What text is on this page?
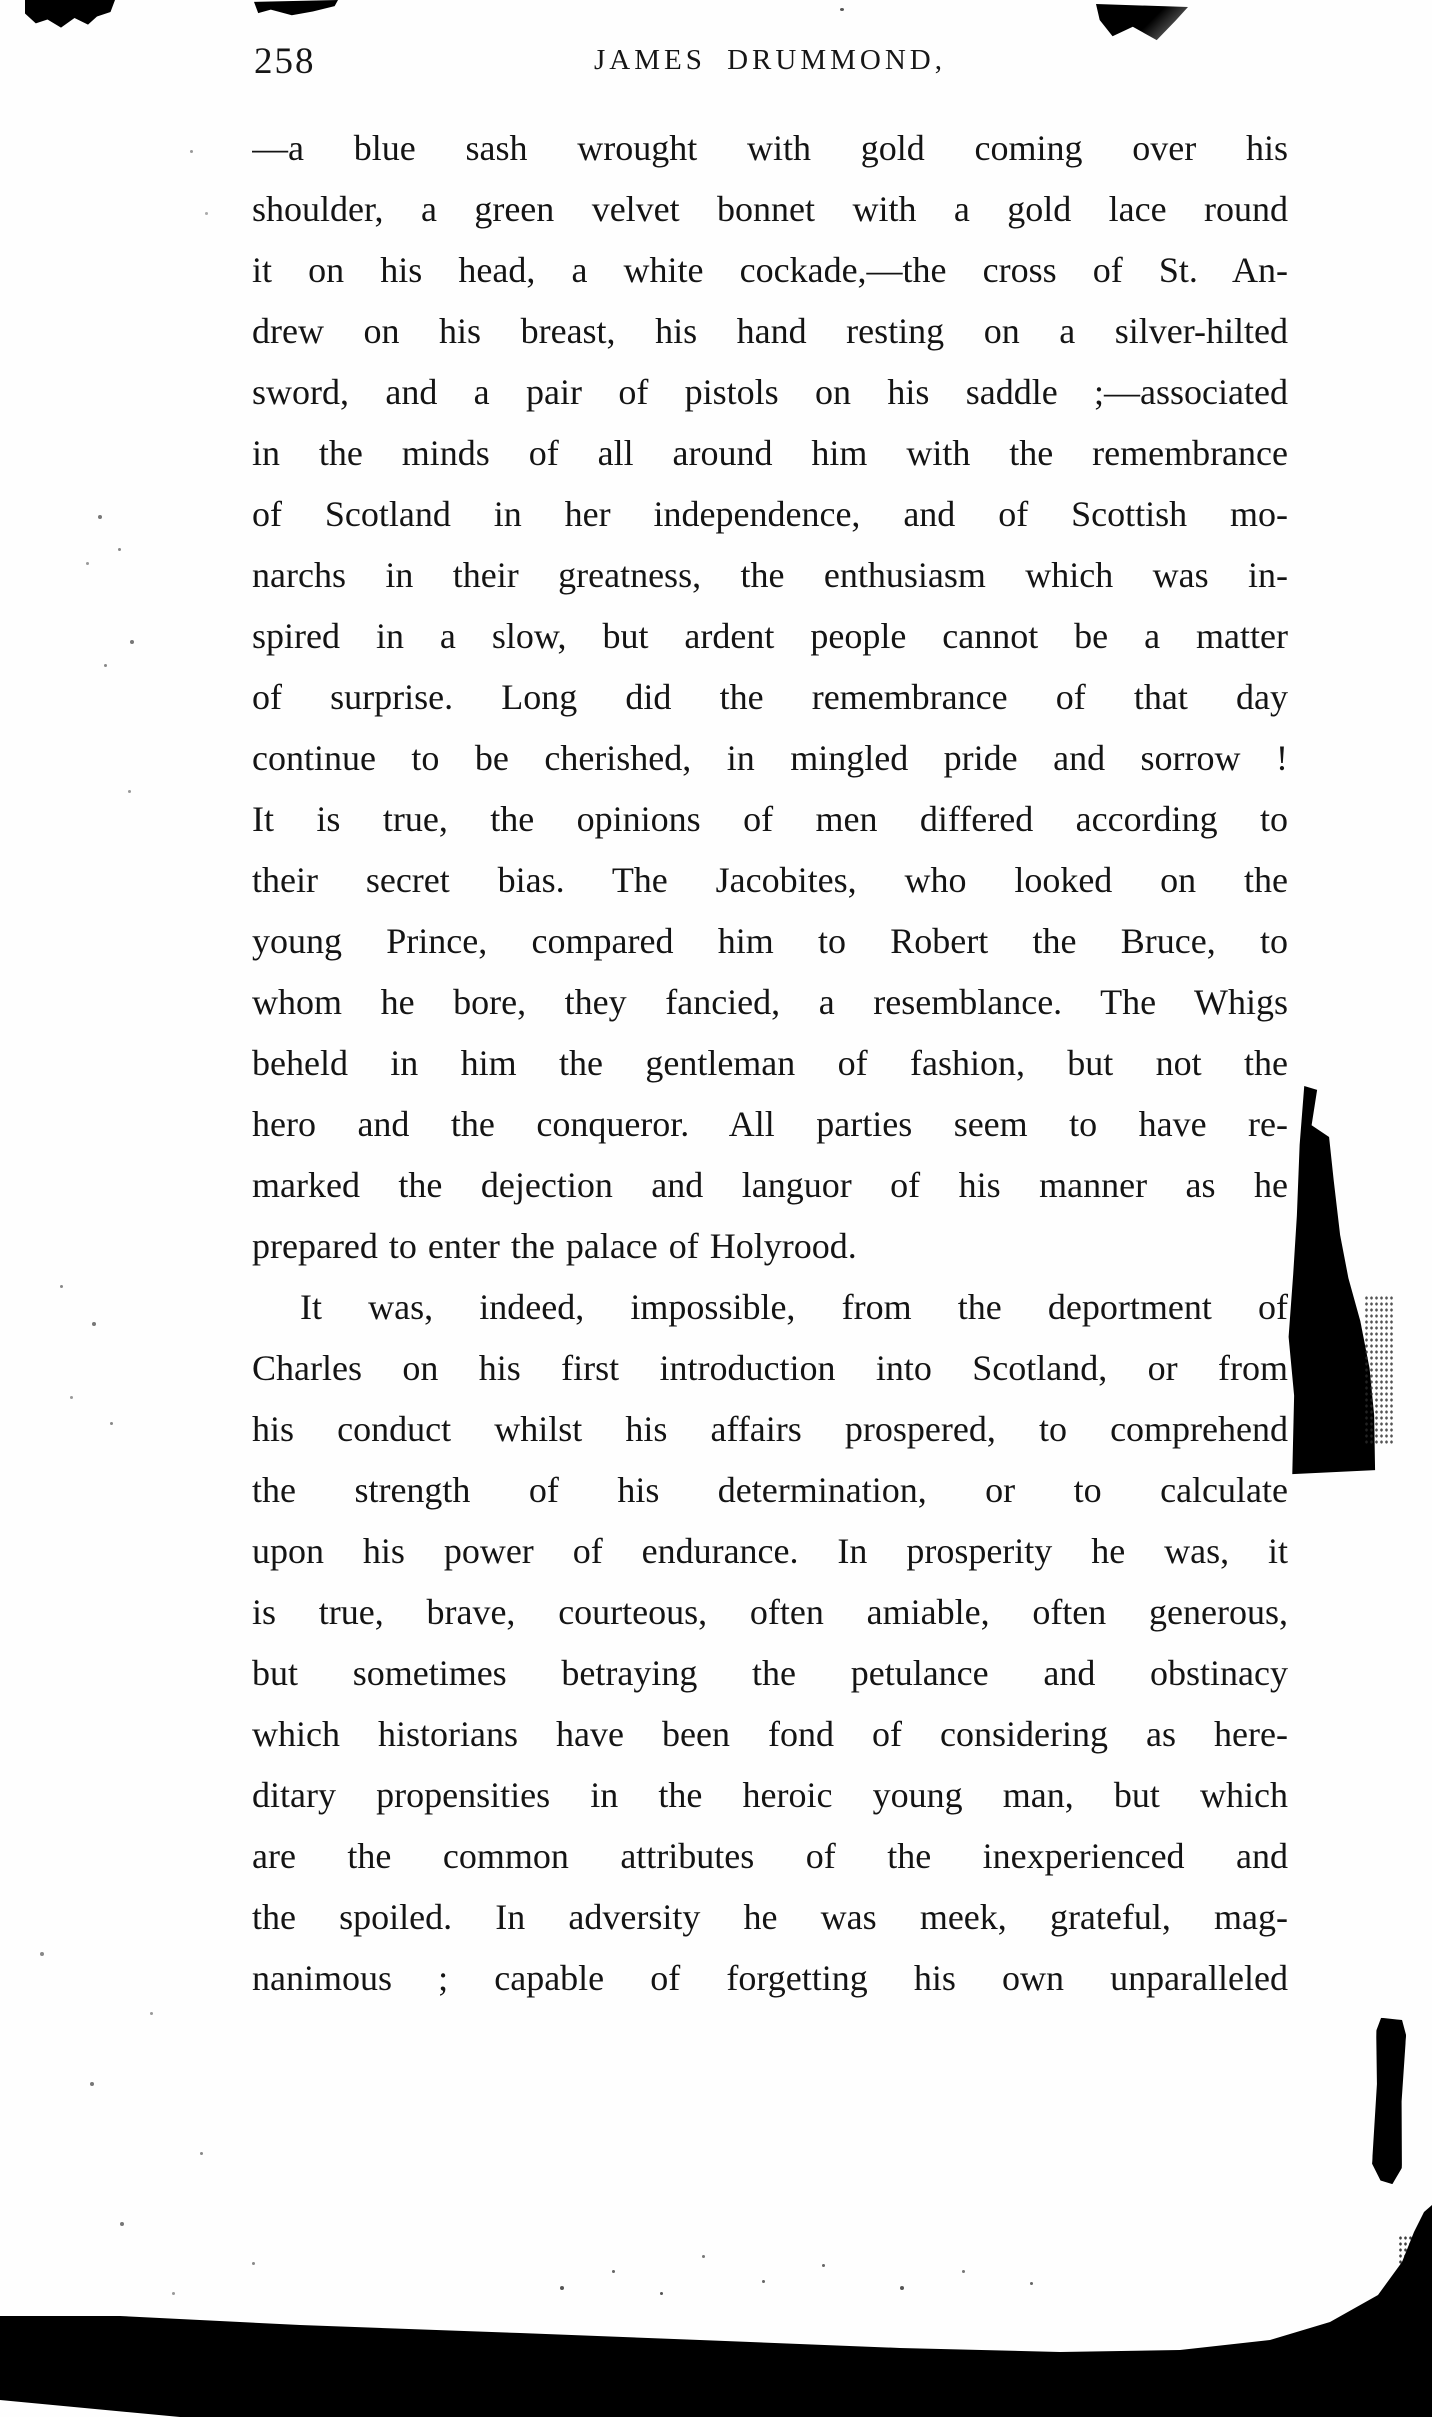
258	JAMES DRUMMOND,
—a blue sash wrought with gold coming over his
shoulder, a green velvet bonnet with a gold lace round
it on his head, a white cockade,—the cross of St. An-
drew on his breast, his hand resting on a silver-hilted
sword, and a pair of pistols on his saddle ;—associated
in the minds of all around him with the remembrance
of Scotland in her independence, and of Scottish mo-
narchs in their greatness, the enthusiasm which was in-
spired in a slow, but ardent people cannot be a matter
of surprise. Long did the remembrance of that day
continue to be cherished, in mingled pride and sorrow !
It is true, the opinions of men differed according to
their secret bias. The Jacobites, who looked on the
young Prince, compared him to Robert the Bruce, to
whom he bore, they fancied, a resemblance. The Whigs
beheld in him the gentleman of fashion, but not the
hero and the conqueror. All parties seem to have re-
marked the dejection and languor of his manner as he
prepared to enter the palace of Holyrood.
It was, indeed, impossible, from the deportment of
Charles on his first introduction into Scotland, or from
his conduct whilst his affairs prospered, to comprehend
the strength of his determination, or to calculate
upon his power of endurance. In prosperity he was, it
is true, brave, courteous, often amiable, often generous,
but sometimes betraying the petulance and obstinacy
which historians have been fond of considering as here-
ditary propensities in the heroic young man, but which
are the common attributes of the inexperienced and
the spoiled. In adversity he was meek, grateful, mag-
nanimous ; capable of forgetting his own unparalleled
